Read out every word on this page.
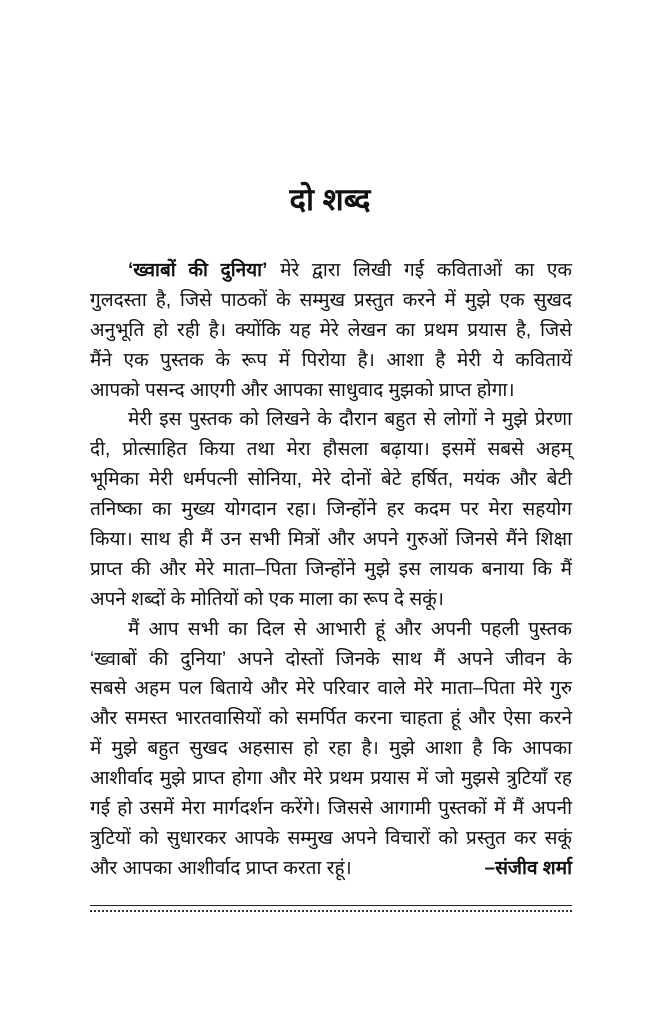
दो शब्द
‘ख्वाबों की दुनिया’ मेरे द्वारा लिखी गई कविताओं का एक
गुलदस्ता है, जिसे पाठकों के सम्मुख प्रस्तुत करने में मुझे एक सुखद
अनुभूति हो रही है। क्योंकि यह मेरे लेखन का प्रथम प्रयास है, जिसे
मैंने एक पुस्तक के रूप में पिरोया है। आशा है मेरी ये कवितायें
आपको पसन्द आएगी और आपका साधुवाद मुझको प्राप्त होगा।
मेरी इस पुस्तक को लिखने के दौरान बहुत से लोगों ने मुझे प्रेरणा
दी, प्रोत्साहित किया तथा मेरा हौसला बढ़ाया। इसमें सबसे अहम्
भूमिका मेरी धर्मपत्नी सोनिया, मेरे दोनों बेटे हर्षित, मयंक और बेटी
तनिष्का का मुख्य योगदान रहा। जिन्होंने हर कदम पर मेरा सहयोग
किया। साथ ही मैं उन सभी मित्रों और अपने गुरुओं जिनसे मैंने शिक्षा
प्राप्त की और मेरे माता–पिता जिन्होंने मुझे इस लायक बनाया कि मैं
अपने शब्दों के मोतियों को एक माला का रूप दे सकूं।
मैं आप सभी का दिल से आभारी हूं और अपनी पहली पुस्तक
‘ख्वाबों की दुनिया’ अपने दोस्तों जिनके साथ मैं अपने जीवन के
सबसे अहम पल बिताये और मेरे परिवार वाले मेरे माता–पिता मेरे गुरु
और समस्त भारतवासियों को समर्पित करना चाहता हूं और ऐसा करने
में मुझे बहुत सुखद अहसास हो रहा है। मुझे आशा है कि आपका
आशीर्वाद मुझे प्राप्त होगा और मेरे प्रथम प्रयास में जो मुझसे त्रुटियाँ रह
गई हो उसमें मेरा मार्गदर्शन करेंगे। जिससे आगामी पुस्तकों में मैं अपनी
त्रुटियों को सुधारकर आपके सम्मुख अपने विचारों को प्रस्तुत कर सकूं
और आपका आशीर्वाद प्राप्त करता रहूं।	–संजीव शर्मा
